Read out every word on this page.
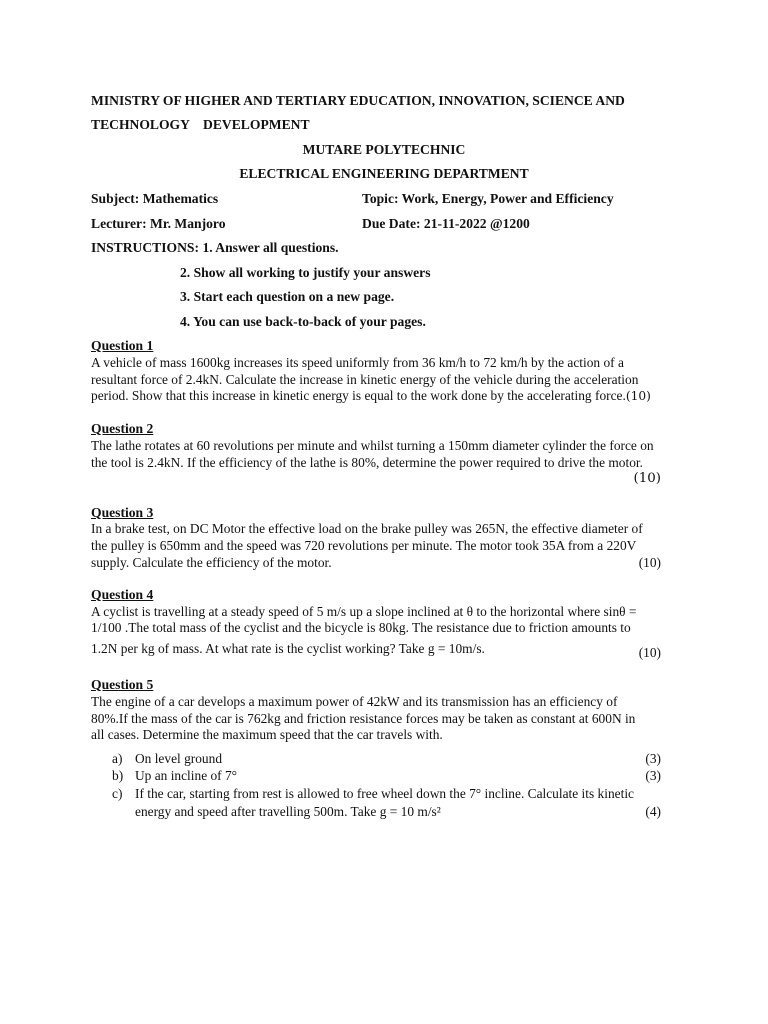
MINISTRY OF HIGHER AND TERTIARY EDUCATION, INNOVATION, SCIENCE AND
TECHNOLOGY    DEVELOPMENT
MUTARE POLYTECHNIC
ELECTRICAL ENGINEERING DEPARTMENT
Subject: Mathematics	Topic: Work, Energy, Power and Efficiency
Lecturer: Mr. Manjoro	Due Date: 21-11-2022 @1200
INSTRUCTIONS: 1. Answer all questions.
2. Show all working to justify your answers
3. Start each question on a new page.
4. You can use back-to-back of your pages.
Question 1
A vehicle of mass 1600kg increases its speed uniformly from 36 km/h to 72 km/h by the action of a
resultant force of 2.4kN. Calculate the increase in kinetic energy of the vehicle during the acceleration
period. Show that this increase in kinetic energy is equal to the work done by the accelerating force.(10)
Question 2
The lathe rotates at 60 revolutions per minute and whilst turning a 150mm diameter cylinder the force on
the tool is 2.4kN. If the efficiency of the lathe is 80%, determine the power required to drive the motor.
(10)
Question 3
In a brake test, on DC Motor the effective load on the brake pulley was 265N, the effective diameter of
the pulley is 650mm and the speed was 720 revolutions per minute. The motor took 35A from a 220V
supply. Calculate the efficiency of the motor.	(10)
Question 4
A cyclist is travelling at a steady speed of 5 m/s up a slope inclined at θ to the horizontal where sinθ =
1/100 .The total mass of the cyclist and the bicycle is 80kg. The resistance due to friction amounts to
1.2N per kg of mass. At what rate is the cyclist working? Take g = 10m/s.	(10)
Question 5
The engine of a car develops a maximum power of 42kW and its transmission has an efficiency of
80%.If the mass of the car is 762kg and friction resistance forces may be taken as constant at 600N in
all cases. Determine the maximum speed that the car travels with.
a) On level ground	(3)
b) Up an incline of 7°	(3)
c) If the car, starting from rest is allowed to free wheel down the 7° incline. Calculate its kinetic
energy and speed after travelling 500m. Take g = 10 m/s²	(4)
